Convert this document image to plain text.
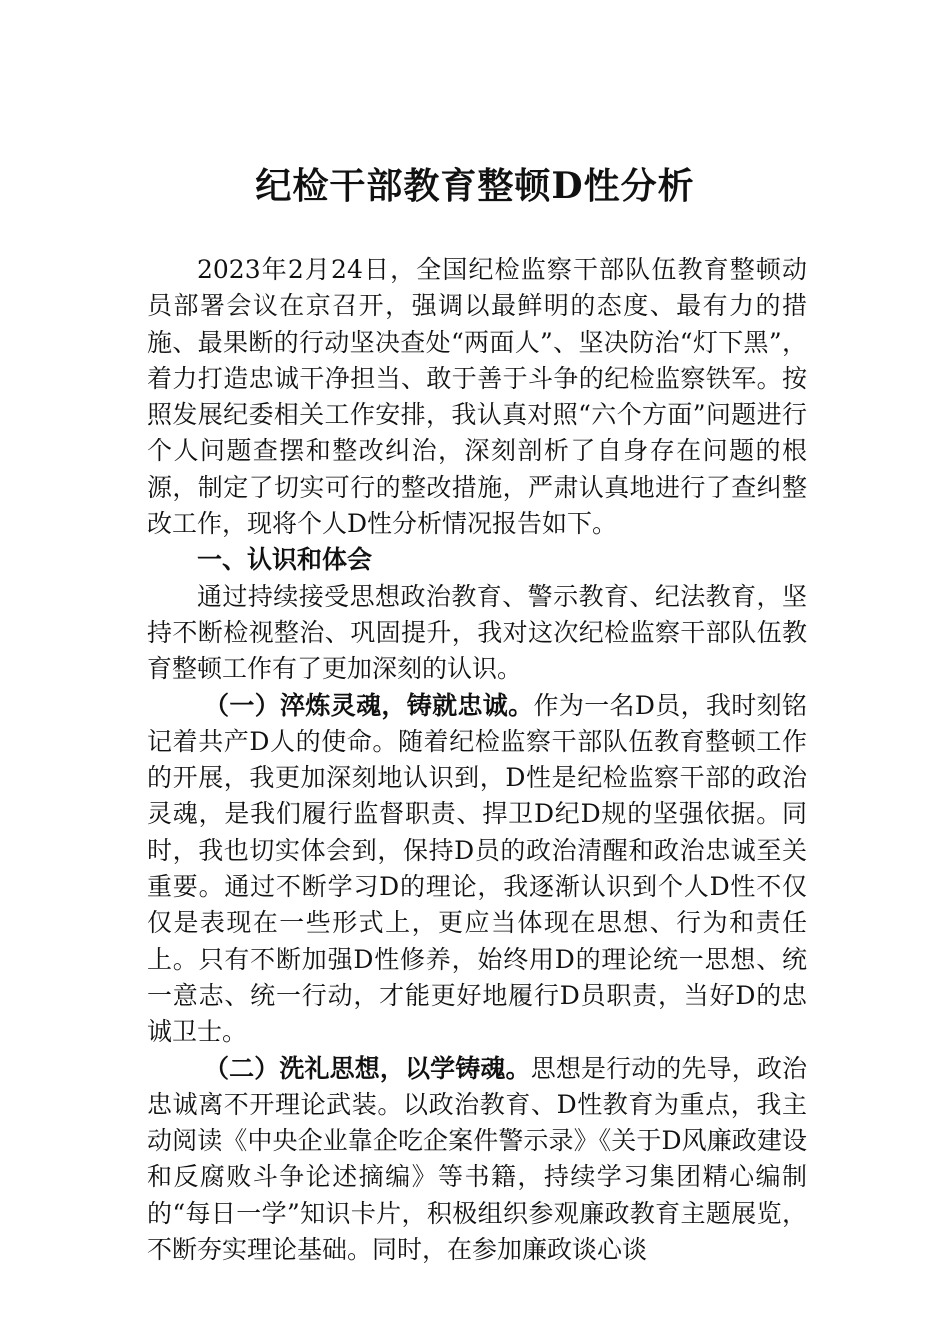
纪检干部教育整顿D性分析

2023年2月24日，全国纪检监察干部队伍教育整顿动员部署会议在京召开，强调以最鲜明的态度、最有力的措施、最果断的行动坚决查处“两面人”、坚决防治“灯下黑”，着力打造忠诚干净担当、敢于善于斗争的纪检监察铁军。按照发展纪委相关工作安排，我认真对照“六个方面”问题进行个人问题查摆和整改纠治，深刻剖析了自身存在问题的根源，制定了切实可行的整改措施，严肃认真地进行了查纠整改工作，现将个人D性分析情况报告如下。

一、认识和体会

通过持续接受思想政治教育、警示教育、纪法教育，坚持不断检视整治、巩固提升，我对这次纪检监察干部队伍教育整顿工作有了更加深刻的认识。

（一）淬炼灵魂，铸就忠诚。作为一名D员，我时刻铭记着共产D人的使命。随着纪检监察干部队伍教育整顿工作的开展，我更加深刻地认识到，D性是纪检监察干部的政治灵魂，是我们履行监督职责、捍卫D纪D规的坚强依据。同时，我也切实体会到，保持D员的政治清醒和政治忠诚至关重要。通过不断学习D的理论，我逐渐认识到个人D性不仅仅是表现在一些形式上，更应当体现在思想、行为和责任上。只有不断加强D性修养，始终用D的理论统一思想、统一意志、统一行动，才能更好地履行D员职责，当好D的忠诚卫士。

（二）洗礼思想，以学铸魂。思想是行动的先导，政治忠诚离不开理论武装。以政治教育、D性教育为重点，我主动阅读《中央企业靠企吃企案件警示录》《关于D风廉政建设和反腐败斗争论述摘编》等书籍，持续学习集团精心编制的“每日一学”知识卡片，积极组织参观廉政教育主题展览，不断夯实理论基础。同时，在参加廉政谈心谈
